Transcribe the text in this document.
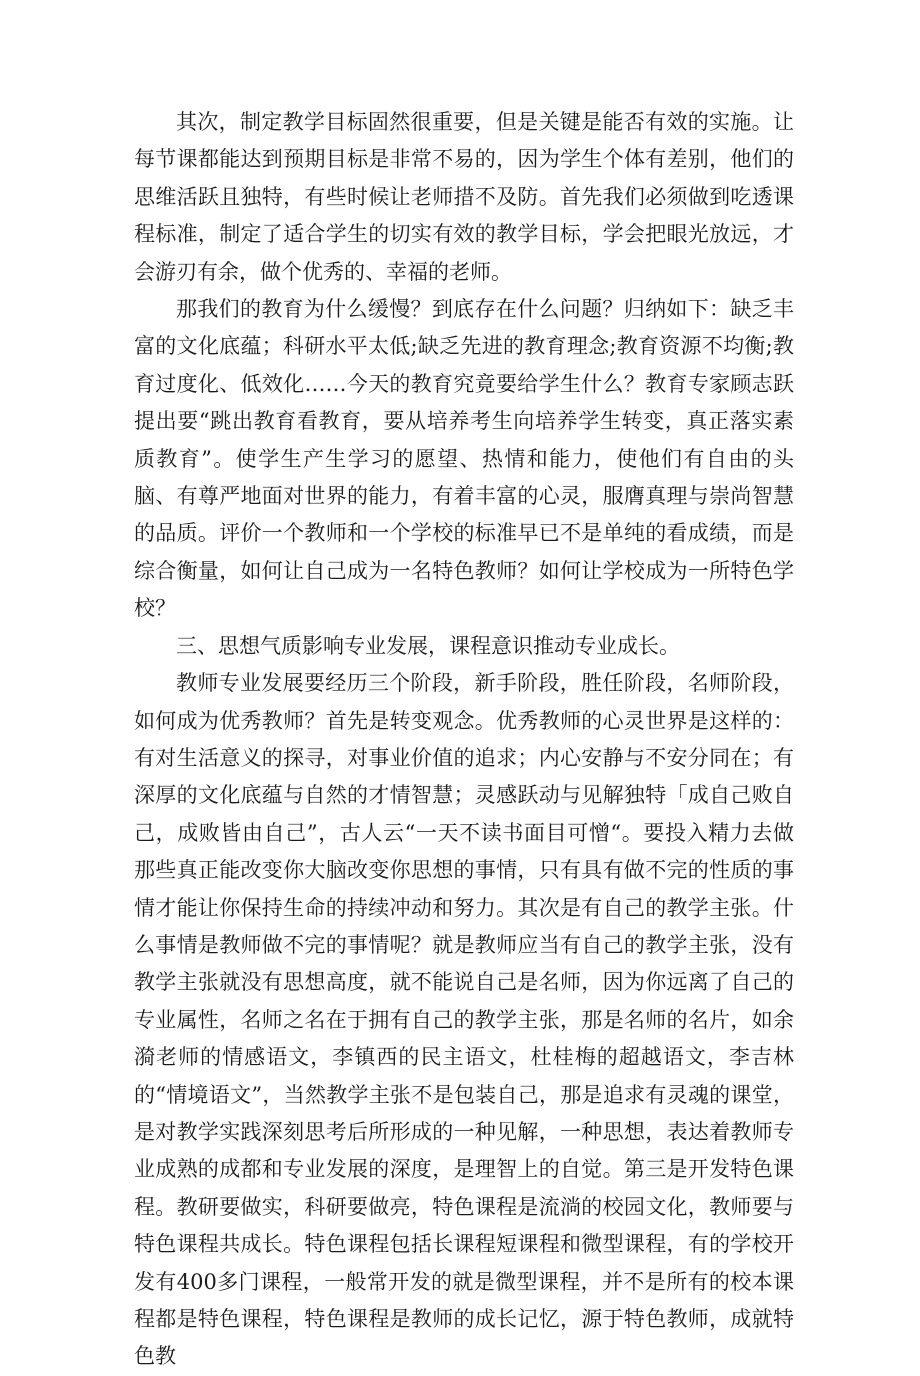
其次，制定教学目标固然很重要，但是关键是能否有效的实施。让每节课都能达到预期目标是非常不易的，因为学生个体有差别，他们的思维活跃且独特，有些时候让老师措不及防。首先我们必须做到吃透课程标准，制定了适合学生的切实有效的教学目标，学会把眼光放远，才会游刃有余，做个优秀的、幸福的老师。

那我们的教育为什么缓慢？到底存在什么问题？归纳如下：缺乏丰富的文化底蕴；科研水平太低;缺乏先进的教育理念;教育资源不均衡;教育过度化、低效化……今天的教育究竟要给学生什么？教育专家顾志跃提出要“跳出教育看教育，要从培养考生向培养学生转变，真正落实素质教育”。使学生产生学习的愿望、热情和能力，使他们有自由的头脑、有尊严地面对世界的能力，有着丰富的心灵，服膺真理与崇尚智慧的品质。评价一个教师和一个学校的标准早已不是单纯的看成绩，而是综合衡量，如何让自己成为一名特色教师？如何让学校成为一所特色学校？

三、思想气质影响专业发展，课程意识推动专业成长。

教师专业发展要经历三个阶段，新手阶段，胜任阶段，名师阶段，如何成为优秀教师？首先是转变观念。优秀教师的心灵世界是这样的：有对生活意义的探寻，对事业价值的追求；内心安静与不安分同在；有深厚的文化底蕴与自然的才情智慧；灵感跃动与见解独特「成自己败自己，成败皆由自己”，古人云“一天不读书面目可憎“。要投入精力去做那些真正能改变你大脑改变你思想的事情，只有具有做不完的性质的事情才能让你保持生命的持续冲动和努力。其次是有自己的教学主张。什么事情是教师做不完的事情呢？就是教师应当有自己的教学主张，没有教学主张就没有思想高度，就不能说自己是名师，因为你远离了自己的专业属性，名师之名在于拥有自己的教学主张，那是名师的名片，如余漪老师的情感语文，李镇西的民主语文，杜桂梅的超越语文，李吉林的“情境语文”，当然教学主张不是包装自己，那是追求有灵魂的课堂，是对教学实践深刻思考后所形成的一种见解，一种思想，表达着教师专业成熟的成都和专业发展的深度，是理智上的自觉。第三是开发特色课程。教研要做实，科研要做亮，特色课程是流淌的校园文化，教师要与特色课程共成长。特色课程包括长课程短课程和微型课程，有的学校开发有400多门课程，一般常开发的就是微型课程，并不是所有的校本课程都是特色课程，特色课程是教师的成长记忆，源于特色教师，成就特色教
